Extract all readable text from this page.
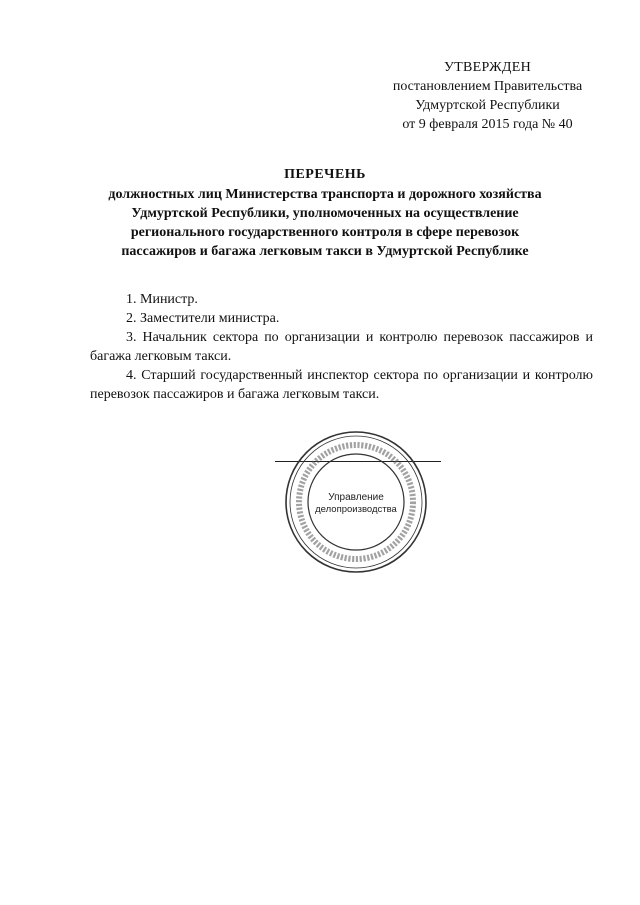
УТВЕРЖДЕН
постановлением Правительства
Удмуртской Республики
от 9 февраля 2015 года № 40
ПЕРЕЧЕНЬ
должностных лиц Министерства транспорта и дорожного хозяйства
Удмуртской Республики, уполномоченных на осуществление
регионального государственного контроля в сфере перевозок
пассажиров и багажа легковым такси в Удмуртской Республике

1. Министр.

2. Заместители министра.

3. Начальник сектора по организации и контролю перевозок пассажиров и багажа легковым такси.

4. Старший государственный инспектор сектора по организации и контролю перевозок пассажиров и багажа легковым такси.

Управление
делопроизводства
